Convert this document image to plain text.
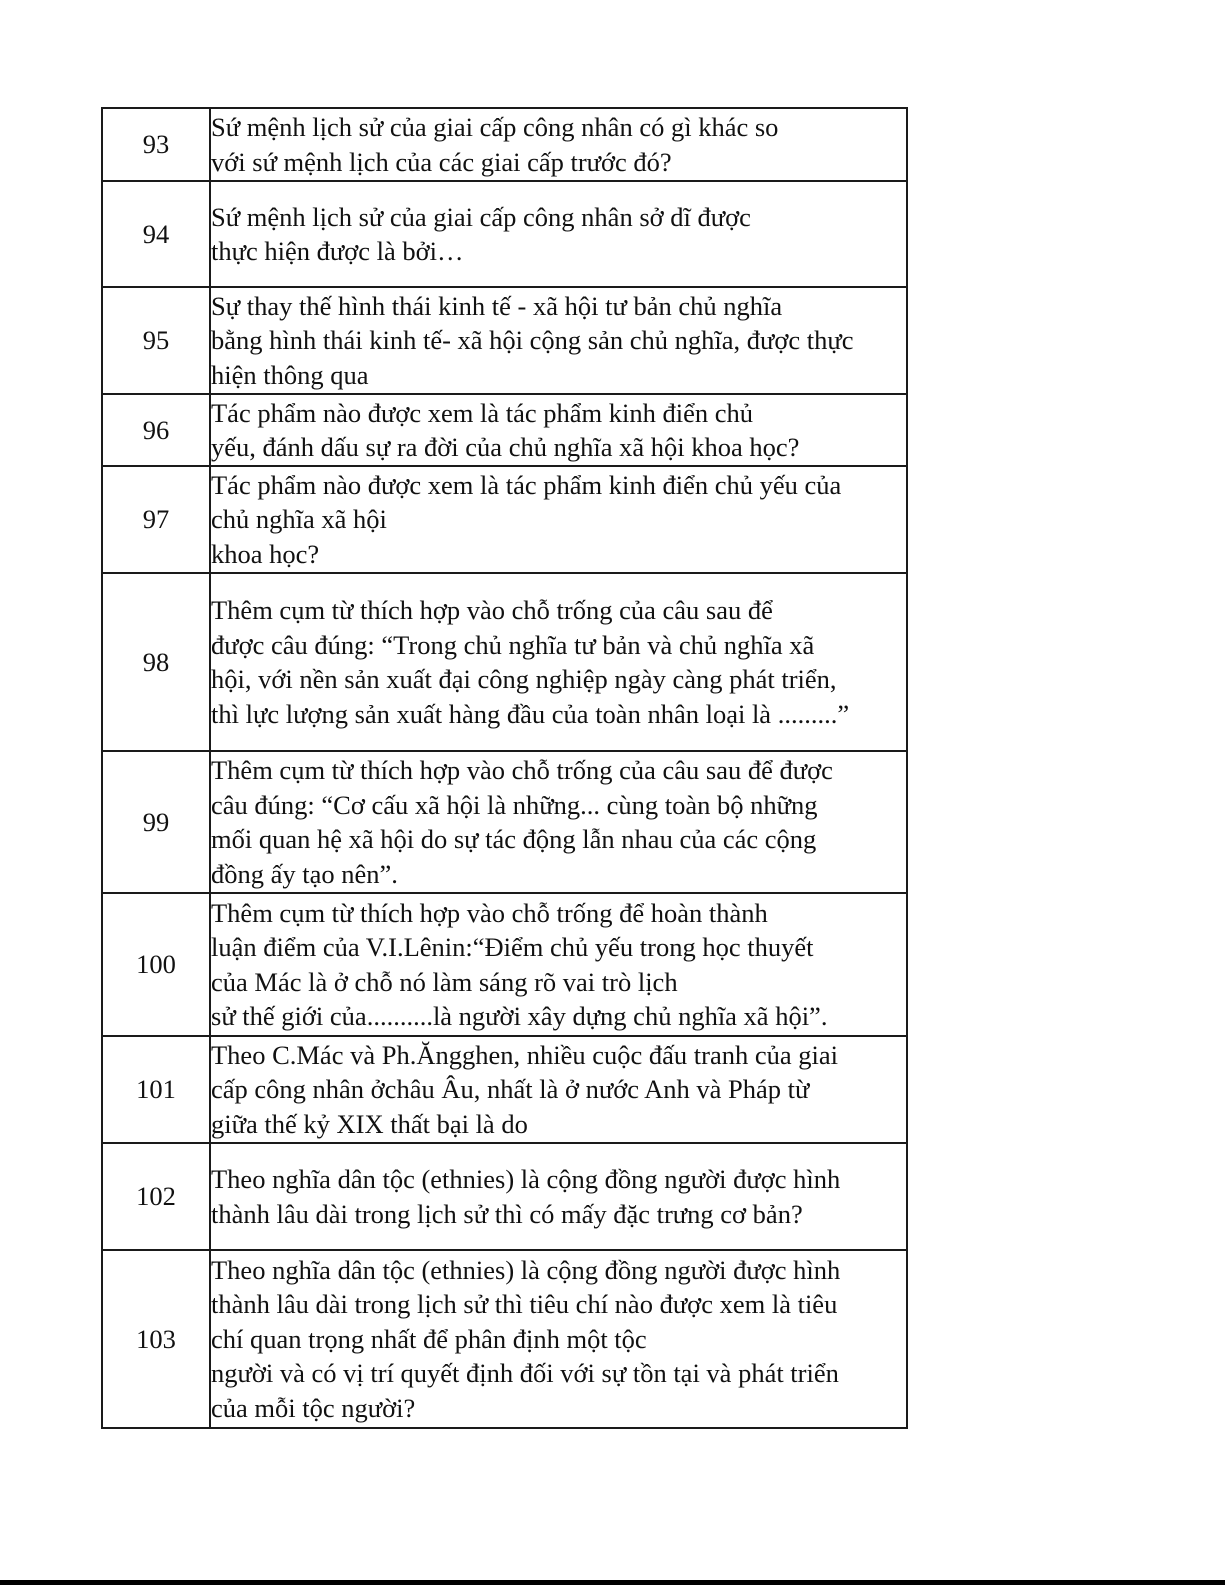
93	Sứ mệnh lịch sử của giai cấp công nhân có gì khác so
với sứ mệnh lịch của các giai cấp trước đó?

94	Sứ mệnh lịch sử của giai cấp công nhân sở dĩ được
thực hiện được là bởi…

95	Sự thay thế hình thái kinh tế - xã hội tư bản chủ nghĩa
bằng hình thái kinh tế- xã hội cộng sản chủ nghĩa, được thực
hiện thông qua

96	Tác phẩm nào được xem là tác phẩm kinh điển chủ
yếu, đánh dấu sự ra đời của chủ nghĩa xã hội khoa học?

97	Tác phẩm nào được xem là tác phẩm kinh điển chủ yếu của
chủ nghĩa xã hội
khoa học?

98	Thêm cụm từ thích hợp vào chỗ trống của câu sau để
được câu đúng: “Trong chủ nghĩa tư bản và chủ nghĩa xã
hội, với nền sản xuất đại công nghiệp ngày càng phát triển,
thì lực lượng sản xuất hàng đầu của toàn nhân loại là .........”

99	Thêm cụm từ thích hợp vào chỗ trống của câu sau để được
câu đúng: “Cơ cấu xã hội là những... cùng toàn bộ những
mối quan hệ xã hội do sự tác động lẫn nhau của các cộng
đồng ấy tạo nên”.

100	Thêm cụm từ thích hợp vào chỗ trống để hoàn thành
luận điểm của V.I.Lênin:“Điểm chủ yếu trong học thuyết
của Mác là ở chỗ nó làm sáng rõ vai trò lịch
sử thế giới của..........là người xây dựng chủ nghĩa xã hội”.

101	Theo C.Mác và Ph.Ăngghen, nhiều cuộc đấu tranh của giai
cấp công nhân ởchâu Âu, nhất là ở nước Anh và Pháp từ
giữa thế kỷ XIX thất bại là do

102	Theo nghĩa dân tộc (ethnies) là cộng đồng người được hình
thành lâu dài trong lịch sử thì có mấy đặc trưng cơ bản?

103	Theo nghĩa dân tộc (ethnies) là cộng đồng người được hình
thành lâu dài trong lịch sử thì tiêu chí nào được xem là tiêu
chí quan trọng nhất để phân định một tộc
người và có vị trí quyết định đối với sự tồn tại và phát triển
của mỗi tộc người?
